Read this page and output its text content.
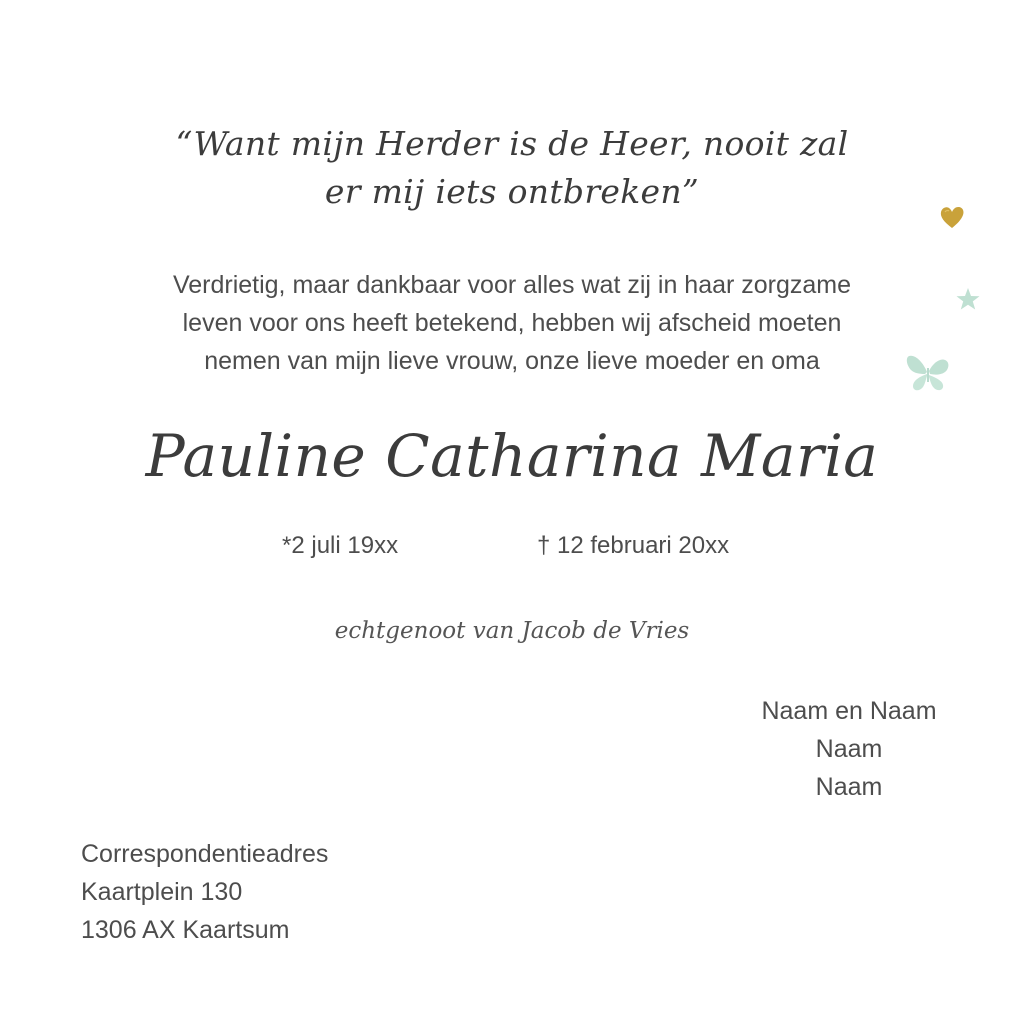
“Want mijn Herder is de Heer, nooit zal
er mij iets ontbreken”
Verdrietig, maar dankbaar voor alles wat zij in haar zorgzame
leven voor ons heeft betekend, hebben wij afscheid moeten
nemen van mijn lieve vrouw, onze lieve moeder en oma
Pauline Catharina Maria
*2 juli 19xx	† 12 februari 20xx
echtgenoot van Jacob de Vries
Naam en Naam
Naam
Naam
Correspondentieadres
Kaartplein 130
1306 AX Kaartsum
